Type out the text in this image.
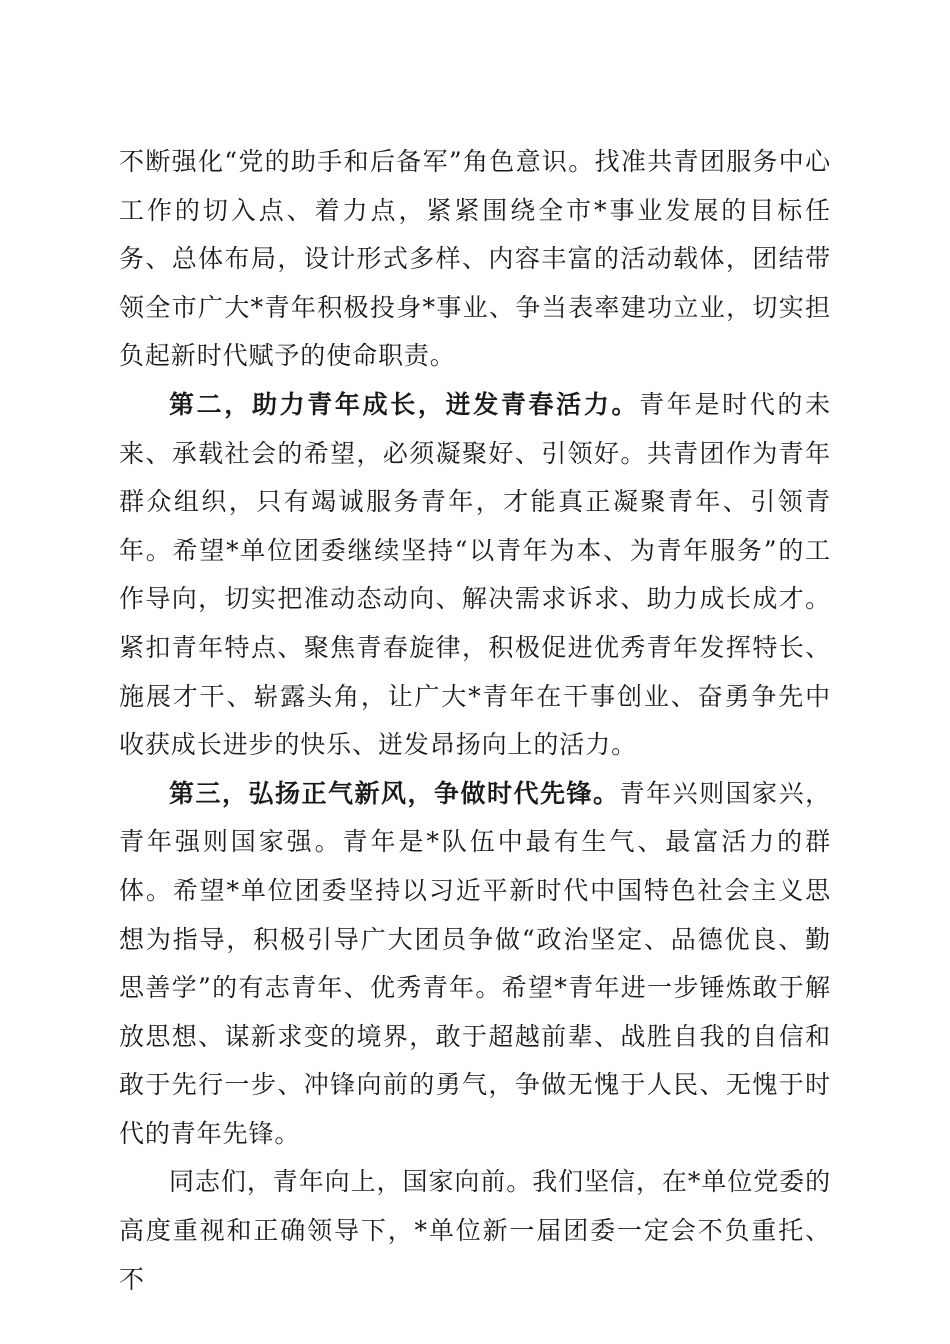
不断强化“党的助手和后备军”角色意识。找准共青团服务中心工作的切入点、着力点，紧紧围绕全市*事业发展的目标任务、总体布局，设计形式多样、内容丰富的活动载体，团结带领全市广大*青年积极投身*事业、争当表率建功立业，切实担负起新时代赋予的使命职责。

第二，助力青年成长，迸发青春活力。青年是时代的未来、承载社会的希望，必须凝聚好、引领好。共青团作为青年群众组织，只有竭诚服务青年，才能真正凝聚青年、引领青年。希望*单位团委继续坚持“以青年为本、为青年服务”的工作导向，切实把准动态动向、解决需求诉求、助力成长成才。紧扣青年特点、聚焦青春旋律，积极促进优秀青年发挥特长、施展才干、崭露头角，让广大*青年在干事创业、奋勇争先中收获成长进步的快乐、迸发昂扬向上的活力。

第三，弘扬正气新风，争做时代先锋。青年兴则国家兴，青年强则国家强。青年是*队伍中最有生气、最富活力的群体。希望*单位团委坚持以习近平新时代中国特色社会主义思想为指导，积极引导广大团员争做“政治坚定、品德优良、勤思善学”的有志青年、优秀青年。希望*青年进一步锤炼敢于解放思想、谋新求变的境界，敢于超越前辈、战胜自我的自信和敢于先行一步、冲锋向前的勇气，争做无愧于人民、无愧于时代的青年先锋。

同志们，青年向上，国家向前。我们坚信，在*单位党委的高度重视和正确领导下，*单位新一届团委一定会不负重托、不
